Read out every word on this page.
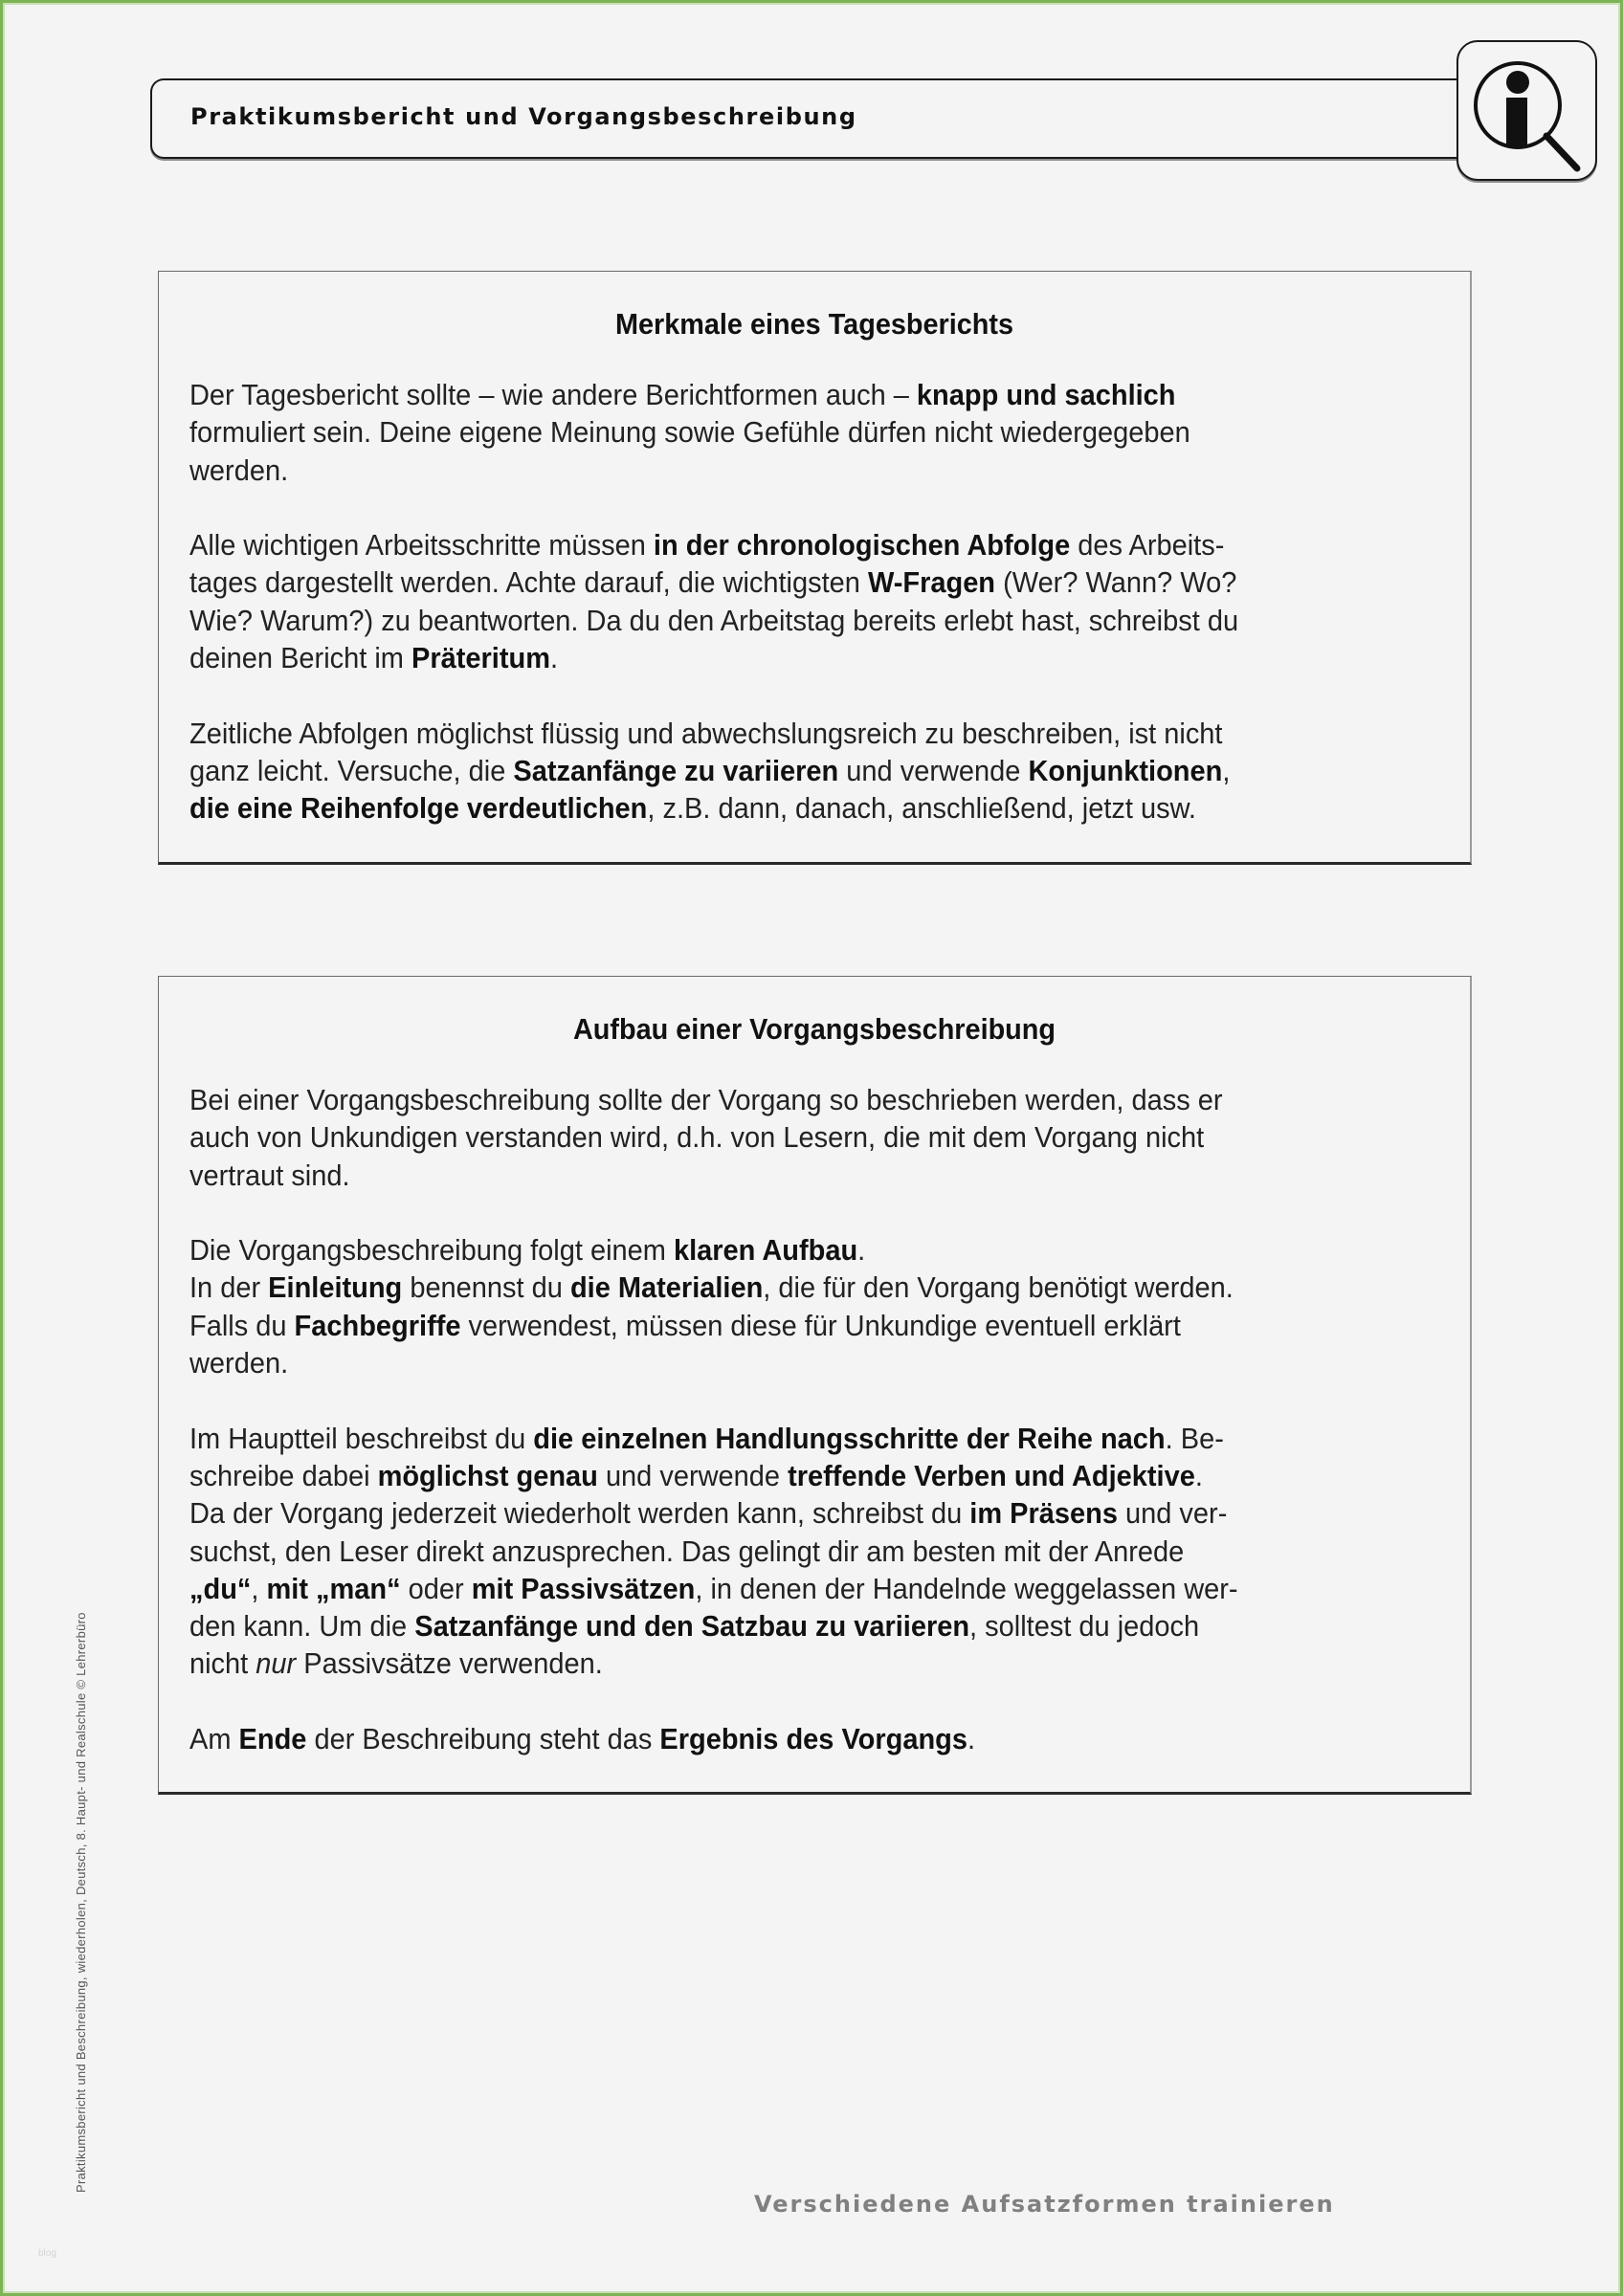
Praktikumsbericht und Vorgangsbeschreibung
Merkmale eines Tagesberichts
Der Tagesbericht sollte – wie andere Berichtformen auch – knapp und sachlich
formuliert sein. Deine eigene Meinung sowie Gefühle dürfen nicht wiedergegeben
werden.
Alle wichtigen Arbeitsschritte müssen in der chronologischen Abfolge des Arbeits-
tages dargestellt werden. Achte darauf, die wichtigsten W-Fragen (Wer? Wann? Wo?
Wie? Warum?) zu beantworten. Da du den Arbeitstag bereits erlebt hast, schreibst du
deinen Bericht im Präteritum.
Zeitliche Abfolgen möglichst flüssig und abwechslungsreich zu beschreiben, ist nicht
ganz leicht. Versuche, die Satzanfänge zu variieren und verwende Konjunktionen,
die eine Reihenfolge verdeutlichen, z.B. dann, danach, anschließend, jetzt usw.
Aufbau einer Vorgangsbeschreibung
Bei einer Vorgangsbeschreibung sollte der Vorgang so beschrieben werden, dass er
auch von Unkundigen verstanden wird, d.h. von Lesern, die mit dem Vorgang nicht
vertraut sind.
Die Vorgangsbeschreibung folgt einem klaren Aufbau.
In der Einleitung benennst du die Materialien, die für den Vorgang benötigt werden.
Falls du Fachbegriffe verwendest, müssen diese für Unkundige eventuell erklärt
werden.
Im Hauptteil beschreibst du die einzelnen Handlungsschritte der Reihe nach. Be-
schreibe dabei möglichst genau und verwende treffende Verben und Adjektive.
Da der Vorgang jederzeit wiederholt werden kann, schreibst du im Präsens und ver-
suchst, den Leser direkt anzusprechen. Das gelingt dir am besten mit der Anrede
„du“, mit „man“ oder mit Passivsätzen, in denen der Handelnde weggelassen wer-
den kann. Um die Satzanfänge und den Satzbau zu variieren, solltest du jedoch
nicht nur Passivsätze verwenden.
Am Ende der Beschreibung steht das Ergebnis des Vorgangs.
Praktikumsbericht und Beschreibung, wiederholen, Deutsch, 8. Haupt- und Realschule © Lehrerbüro
Verschiedene Aufsatzformen trainieren
blog
